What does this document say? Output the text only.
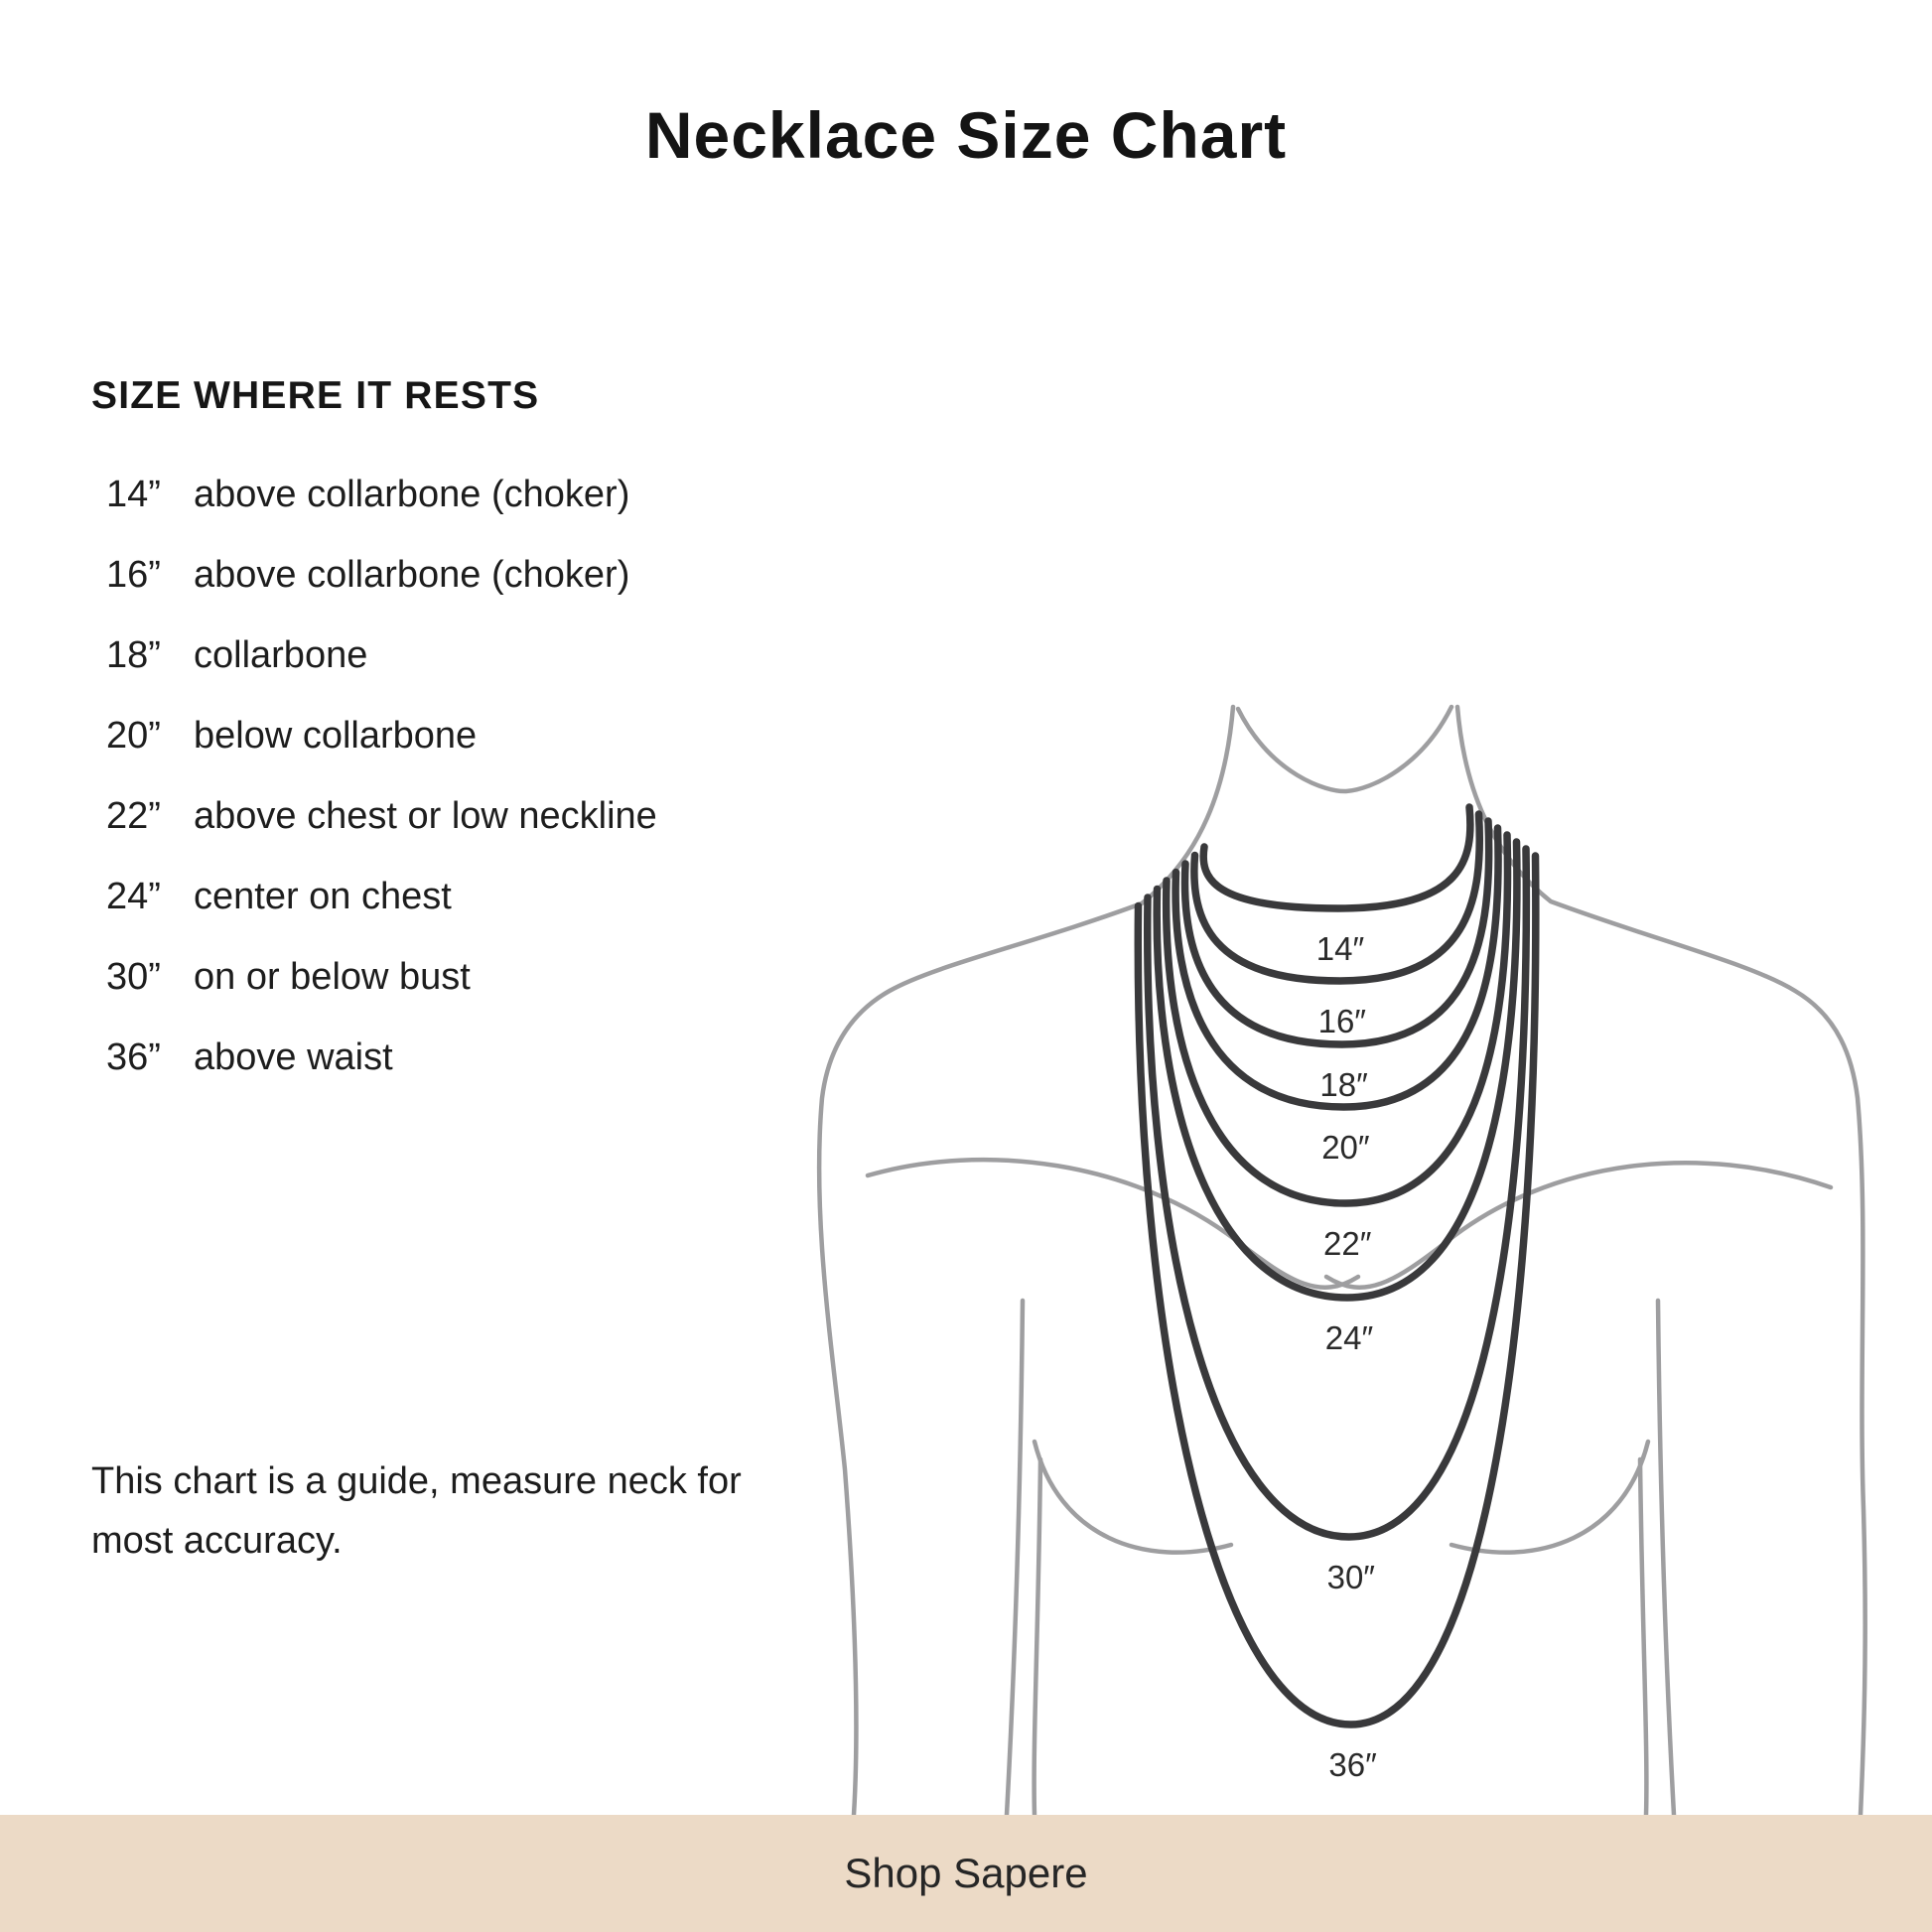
Necklace Size Chart
SIZE WHERE IT RESTS
14” above collarbone (choker)
16” above collarbone (choker)
18” collarbone
20” below collarbone
22” above chest or low neckline
24” center on chest
30” on or below bust
36” above waist
This chart is a guide, measure neck for most accuracy.
14″
16″
18″
20″
22″
24″
30″
36″
Shop Sapere
